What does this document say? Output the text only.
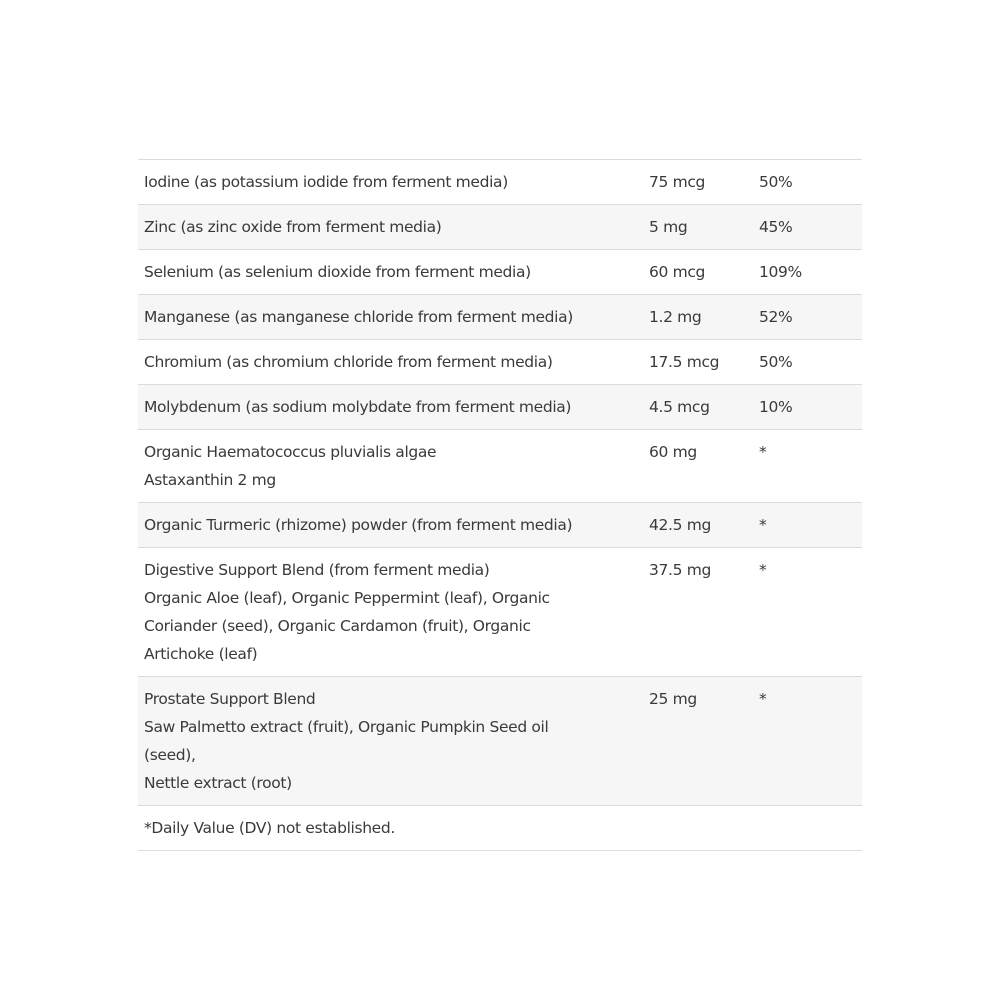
Iodine (as potassium iodide from ferment media)	75 mcg	50%

Zinc (as zinc oxide from ferment media)	5 mg	45%

Selenium (as selenium dioxide from ferment media)	60 mcg	109%

Manganese (as manganese chloride from ferment media)	1.2 mg	52%

Chromium (as chromium chloride from ferment media)	17.5 mcg	50%

Molybdenum (as sodium molybdate from ferment media)	4.5 mcg	10%

Organic Haematococcus pluvialis algae
Astaxanthin 2 mg	60 mg	*

Organic Turmeric (rhizome) powder (from ferment media)	42.5 mg	*

Digestive Support Blend (from ferment media)
Organic Aloe (leaf), Organic Peppermint (leaf), Organic
Coriander (seed), Organic Cardamon (fruit), Organic
Artichoke (leaf)	37.5 mg	*

Prostate Support Blend
Saw Palmetto extract (fruit), Organic Pumpkin Seed oil
(seed),
Nettle extract (root)	25 mg	*
*Daily Value (DV) not established.		
